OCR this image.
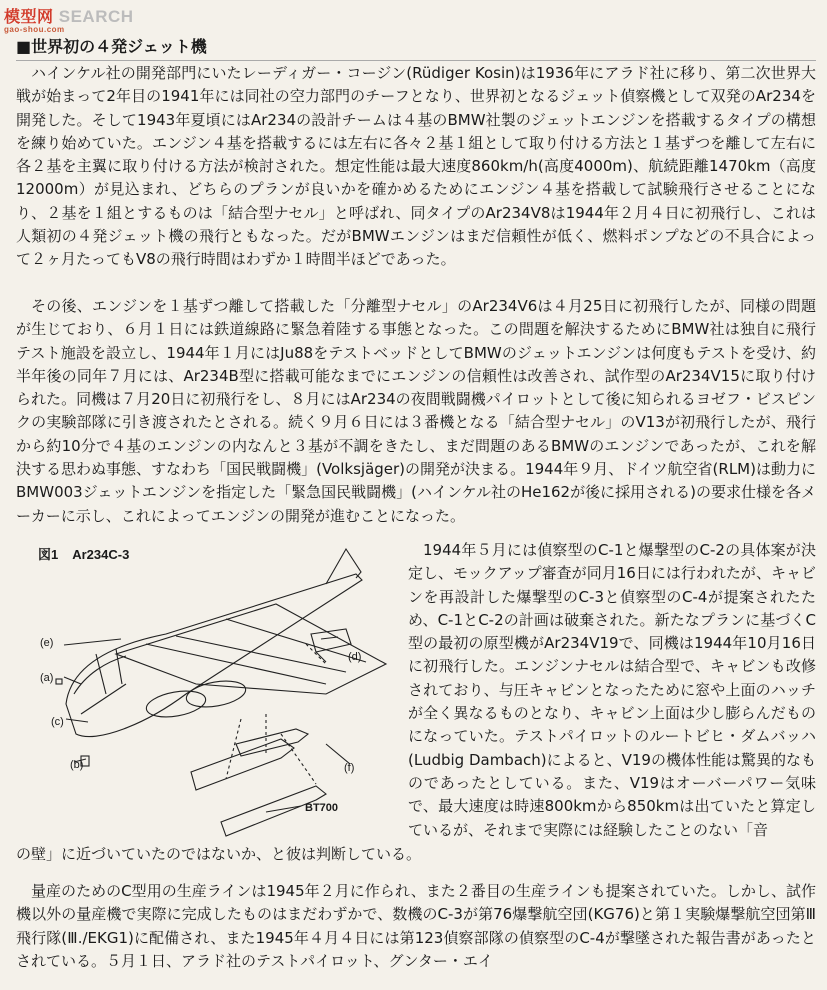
模型网 SEARCH
gao-shou.com
■世界初の４発ジェット機

ハインケル社の開発部門にいたレーディガー・コージン(Rüdiger Kosin)は1936年にアラド社に移り、第二次世界大戦が始まって2年目の1941年には同社の空力部門のチーフとなり、世界初となるジェット偵察機として双発のAr234を開発した。そして1943年夏頃にはAr234の設計チームは４基のBMW社製のジェットエンジンを搭載するタイプの構想を練り始めていた。エンジン４基を搭載するには左右に各々２基１組として取り付ける方法と１基ずつを離して左右に各２基を主翼に取り付ける方法が検討された。想定性能は最大速度860km/h(高度4000m)、航続距離1470km（高度12000m）が見込まれ、どちらのプランが良いかを確かめるためにエンジン４基を搭載して試験飛行させることになり、２基を１組とするものは「結合型ナセル」と呼ばれ、同タイプのAr234V8は1944年２月４日に初飛行し、これは人類初の４発ジェット機の飛行ともなった。だがBMWエンジンはまだ信頼性が低く、燃料ポンプなどの不具合によって２ヶ月たってもV8の飛行時間はわずか１時間半ほどであった。

その後、エンジンを１基ずつ離して搭載した「分離型ナセル」のAr234V6は４月25日に初飛行したが、同様の問題が生じており、６月１日には鉄道線路に緊急着陸する事態となった。この問題を解決するためにBMW社は独自に飛行テスト施設を設立し、1944年１月にはJu88をテストベッドとしてBMWのジェットエンジンは何度もテストを受け、約半年後の同年７月には、Ar234B型に搭載可能なまでにエンジンの信頼性は改善され、試作型のAr234V15に取り付けられた。同機は７月20日に初飛行をし、８月にはAr234の夜間戦闘機パイロットとして後に知られるヨゼフ・ビスピンクの実験部隊に引き渡されたとされる。続く９月６日には３番機となる「結合型ナセル」のV13が初飛行したが、飛行から約10分で４基のエンジンの内なんと３基が不調をきたし、まだ問題のあるBMWのエンジンであったが、これを解決する思わぬ事態、すなわち「国民戦闘機」(Volksjäger)の開発が決まる。1944年９月、ドイツ航空省(RLM)は動力にBMW003ジェットエンジンを指定した「緊急国民戦闘機」(ハインケル社のHe162が後に採用される)の要求仕様を各メーカーに示し、これによってエンジンの開発が進むことになった。

図1 Ar234C-3
(e)
(a)
(c)
(b)
(d)
(f)
BT700

1944年５月には偵察型のC-1と爆撃型のC-2の具体案が決定し、モックアップ審査が同月16日には行われたが、キャビンを再設計した爆撃型のC-3と偵察型のC-4が提案されたため、C-1とC-2の計画は破棄された。新たなプランに基づくC型の最初の原型機がAr234V19で、同機は1944年10月16日に初飛行した。エンジンナセルは結合型で、キャビンも改修されており、与圧キャビンとなったために窓や上面のハッチが全く異なるものとなり、キャビン上面は少し膨らんだものになっていた。テストパイロットのルートビヒ・ダムバッハ(Ludbig Dambach)によると、V19の機体性能は驚異的なものであったとしている。また、V19はオーバーパワー気味で、最大速度は時速800kmから850kmは出ていたと算定しているが、それまで実際には経験したことのない「音

の壁」に近づいていたのではないか、と彼は判断している。

量産のためのC型用の生産ラインは1945年２月に作られ、また２番目の生産ラインも提案されていた。しかし、試作機以外の量産機で実際に完成したものはまだわずかで、数機のC-3が第76爆撃航空団(KG76)と第１実験爆撃航空団第Ⅲ飛行隊(Ⅲ./EKG1)に配備され、また1945年４月４日には第123偵察部隊の偵察型のC-4が撃墜された報告書があったとされている。５月１日、アラド社のテストパイロット、グンター・エイ
